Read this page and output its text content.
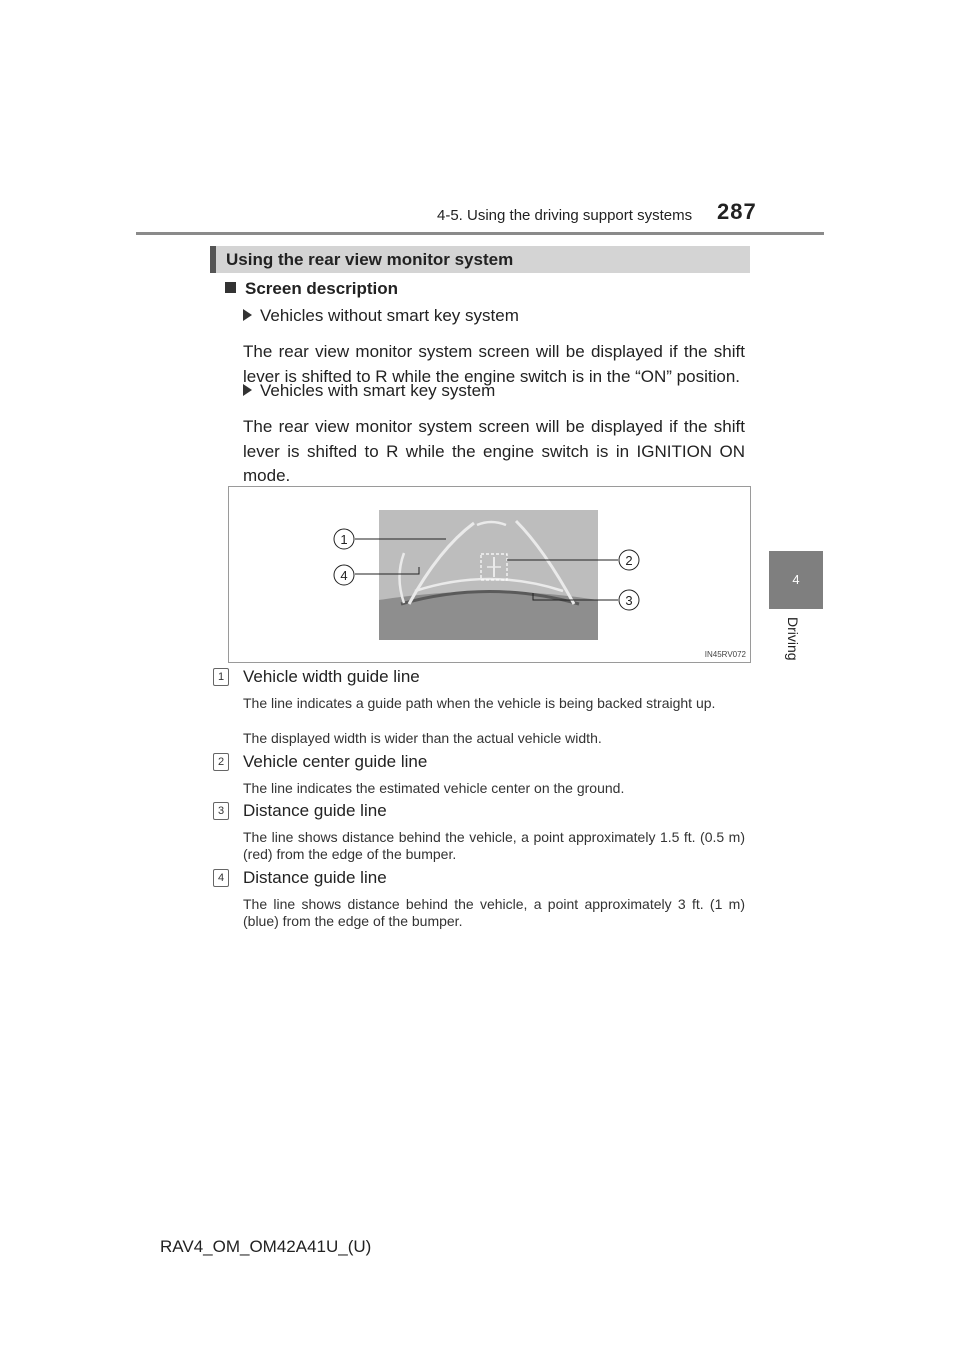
4-5. Using the driving support systems 287
4
Driving
Using the rear view monitor system
Screen description
Vehicles without smart key system
The rear view monitor system screen will be displayed if the shift lever is shifted to R while the engine switch is in the “ON” position.
Vehicles with smart key system
The rear view monitor system screen will be displayed if the shift lever is shifted to R while the engine switch is in IGNITION ON mode.
1
4
2
3
IN45RV072
1 Vehicle width guide line
The line indicates a guide path when the vehicle is being backed straight up.
The displayed width is wider than the actual vehicle width.
2 Vehicle center guide line
The line indicates the estimated vehicle center on the ground.
3 Distance guide line
The line shows distance behind the vehicle, a point approximately 1.5 ft. (0.5 m) (red) from the edge of the bumper.
4 Distance guide line
The line shows distance behind the vehicle, a point approximately 3 ft. (1 m) (blue) from the edge of the bumper.
RAV4_OM_OM42A41U_(U)
